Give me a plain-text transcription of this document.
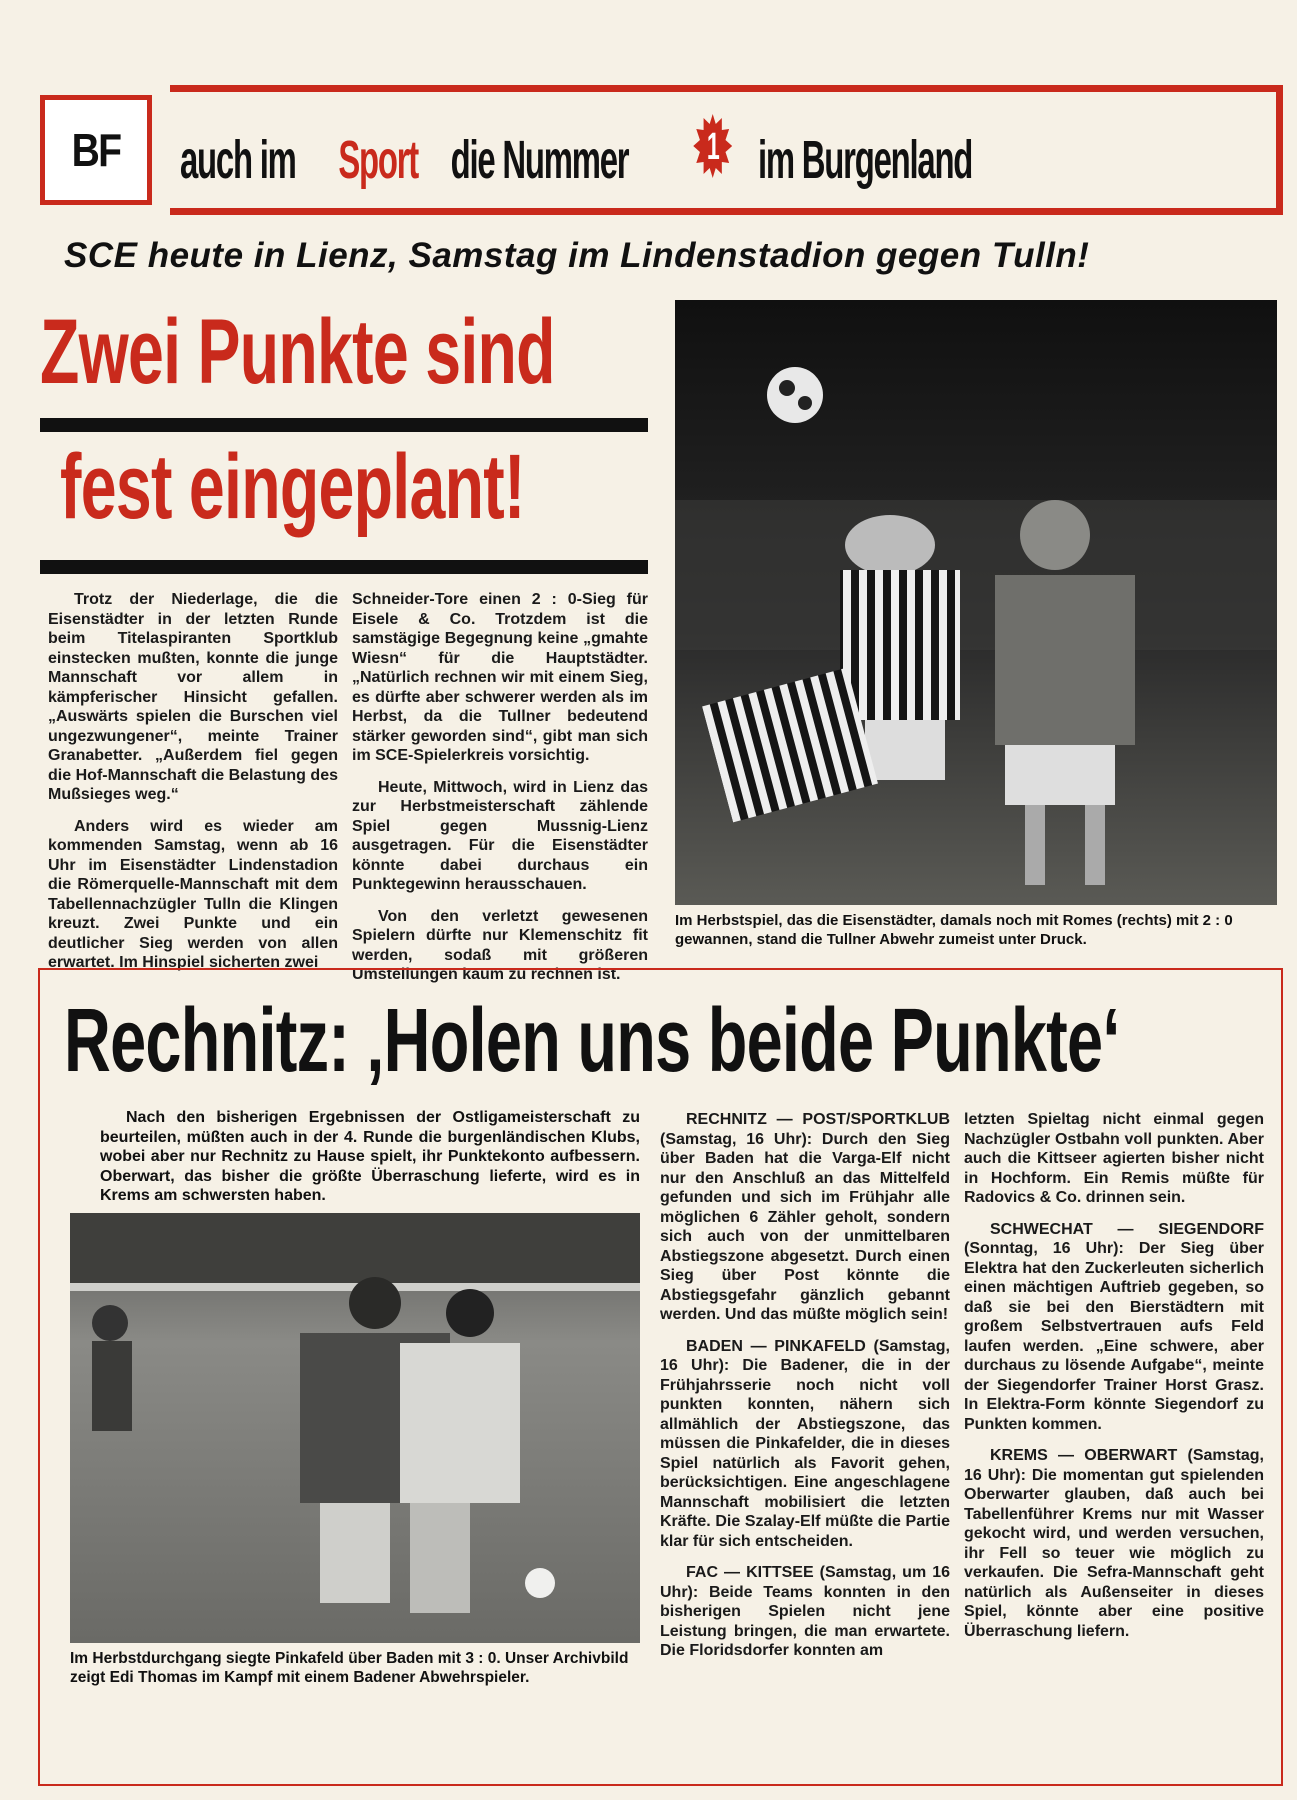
BF auch im Sport die Nummer 1 im Burgenland
SCE heute in Lienz, Samstag im Lindenstadion gegen Tulln!
Zwei Punkte sind
fest eingeplant!

Trotz der Niederlage, die die Eisenstädter in der letzten Runde beim Titelaspiranten Sportklub einstecken mußten, konnte die junge Mannschaft vor allem in kämpferischer Hinsicht gefallen. „Auswärts spielen die Burschen viel ungezwungener“, meinte Trainer Granabetter. „Außerdem fiel gegen die Hof-Mannschaft die Belastung des Mußsieges weg.“

Anders wird es wieder am kommenden Samstag, wenn ab 16 Uhr im Eisenstädter Lindenstadion die Römerquelle-Mannschaft mit dem Tabellennachzügler Tulln die Klingen kreuzt. Zwei Punkte und ein deutlicher Sieg werden von allen erwartet. Im Hinspiel sicherten zwei

Schneider-Tore einen 2 : 0-Sieg für Eisele & Co. Trotzdem ist die samstägige Begegnung keine „gmahte Wiesn“ für die Hauptstädter. „Natürlich rechnen wir mit einem Sieg, es dürfte aber schwerer werden als im Herbst, da die Tullner bedeutend stärker geworden sind“, gibt man sich im SCE-Spielerkreis vorsichtig.

Heute, Mittwoch, wird in Lienz das zur Herbstmeisterschaft zählende Spiel gegen Mussnig-Lienz ausgetragen. Für die Eisenstädter könnte dabei durchaus ein Punktegewinn herausschauen.

Von den verletzt gewesenen Spielern dürfte nur Klemenschitz fit werden, sodaß mit größeren Umstellungen kaum zu rechnen ist.

Im Herbstspiel, das die Eisenstädter, damals noch mit Romes (rechts) mit 2 : 0 gewannen, stand die Tullner Abwehr zumeist unter Druck.
Rechnitz: ‚Holen uns beide Punkte‘

Nach den bisherigen Ergebnissen der Ostligameisterschaft zu beurteilen, müßten auch in der 4. Runde die burgenländischen Klubs, wobei aber nur Rechnitz zu Hause spielt, ihr Punktekonto aufbessern. Oberwart, das bisher die größte Überraschung lieferte, wird es in Krems am schwersten haben.

Im Herbstdurchgang siegte Pinkafeld über Baden mit 3 : 0. Unser Archivbild zeigt Edi Thomas im Kampf mit einem Badener Abwehrspieler.

RECHNITZ — POST/SPORTKLUB (Samstag, 16 Uhr): Durch den Sieg über Baden hat die Varga-Elf nicht nur den Anschluß an das Mittelfeld gefunden und sich im Frühjahr alle möglichen 6 Zähler geholt, sondern sich auch von der unmittelbaren Abstiegszone abgesetzt. Durch einen Sieg über Post könnte die Abstiegsgefahr gänzlich gebannt werden. Und das müßte möglich sein!

BADEN — PINKAFELD (Samstag, 16 Uhr): Die Badener, die in der Frühjahrsserie noch nicht voll punkten konnten, nähern sich allmählich der Abstiegszone, das müssen die Pinkafelder, die in dieses Spiel natürlich als Favorit gehen, berücksichtigen. Eine angeschlagene Mannschaft mobilisiert die letzten Kräfte. Die Szalay-Elf müßte die Partie klar für sich entscheiden.

FAC — KITTSEE (Samstag, um 16 Uhr): Beide Teams konnten in den bisherigen Spielen nicht jene Leistung bringen, die man erwartete. Die Floridsdorfer konnten am

letzten Spieltag nicht einmal gegen Nachzügler Ostbahn voll punkten. Aber auch die Kittseer agierten bisher nicht in Hochform. Ein Remis müßte für Radovics & Co. drinnen sein.

SCHWECHAT — SIEGENDORF (Sonntag, 16 Uhr): Der Sieg über Elektra hat den Zuckerleuten sicherlich einen mächtigen Auftrieb gegeben, so daß sie bei den Bierstädtern mit großem Selbstvertrauen aufs Feld laufen werden. „Eine schwere, aber durchaus zu lösende Aufgabe“, meinte der Siegendorfer Trainer Horst Grasz. In Elektra-Form könnte Siegendorf zu Punkten kommen.

KREMS — OBERWART (Samstag, 16 Uhr): Die momentan gut spielenden Oberwarter glauben, daß auch bei Tabellenführer Krems nur mit Wasser gekocht wird, und werden versuchen, ihr Fell so teuer wie möglich zu verkaufen. Die Sefra-Mannschaft geht natürlich als Außenseiter in dieses Spiel, könnte aber eine positive Überraschung liefern.
